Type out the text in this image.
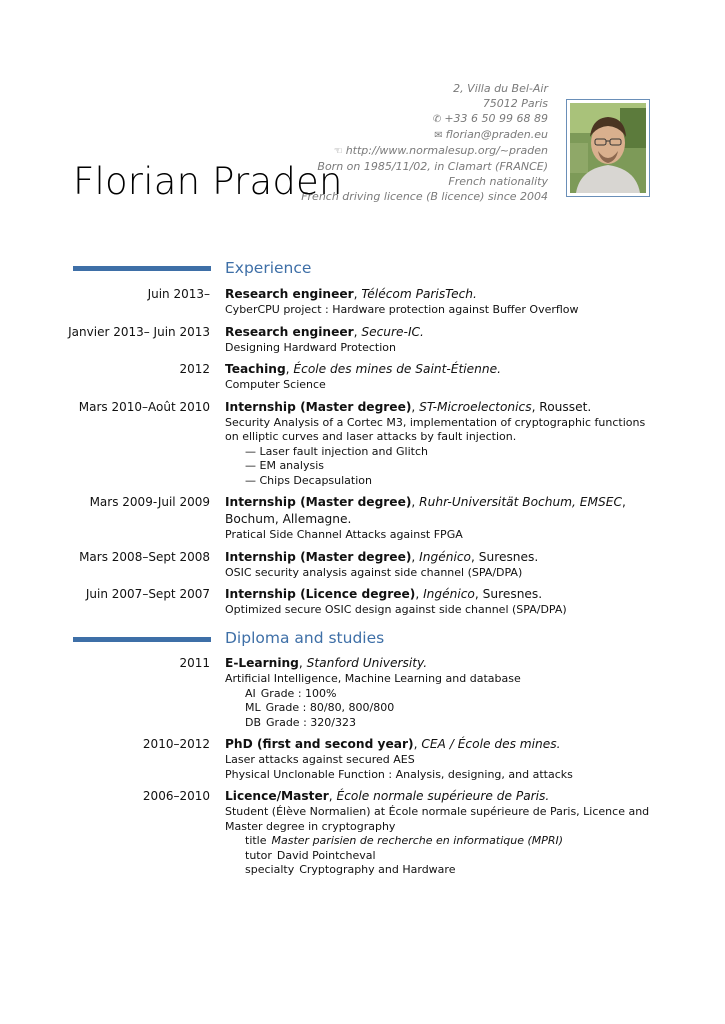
2, Villa du Bel-Air
75012 Paris
✆ +33 6 50 99 68 89
✉ florian@praden.eu
☜ http://www.normalesup.org/~praden
Born on 1985/11/02, in Clamart (FRANCE)
French nationality
French driving licence (B licence) since 2004
Florian Praden
Experience
Juin 2013– Research engineer, Télécom ParisTech.
CyberCPU project : Hardware protection against Buffer Overflow
Janvier 2013– Juin 2013 Research engineer, Secure-IC.
Designing Hardward Protection
2012 Teaching, École des mines de Saint-Étienne.
Computer Science
Mars 2010–Août 2010 Internship (Master degree), ST-Microelectonics, Rousset.
Security Analysis of a Cortec M3, implementation of cryptographic functions on elliptic curves and laser attacks by fault injection.
— Laser fault injection and Glitch
— EM analysis
— Chips Decapsulation
Mars 2009-Juil 2009 Internship (Master degree), Ruhr-Universität Bochum, EMSEC, Bochum, Allemagne.
Pratical Side Channel Attacks against FPGA
Mars 2008–Sept 2008 Internship (Master degree), Ingénico, Suresnes.
OSIC security analysis against side channel (SPA/DPA)
Juin 2007–Sept 2007 Internship (Licence degree), Ingénico, Suresnes.
Optimized secure OSIC design against side channel (SPA/DPA)
Diploma and studies
2011 E-Learning, Stanford University.
Artificial Intelligence, Machine Learning and database
AI Grade : 100%
ML Grade : 80/80, 800/800
DB Grade : 320/323
2010–2012 PhD (first and second year), CEA / École des mines.
Laser attacks against secured AES
Physical Unclonable Function : Analysis, designing, and attacks
2006–2010 Licence/Master, École normale supérieure de Paris.
Student (Élève Normalien) at École normale supérieure de Paris, Licence and Master degree in cryptography
title Master parisien de recherche en informatique (MPRI)
tutor David Pointcheval
specialty Cryptography and Hardware
